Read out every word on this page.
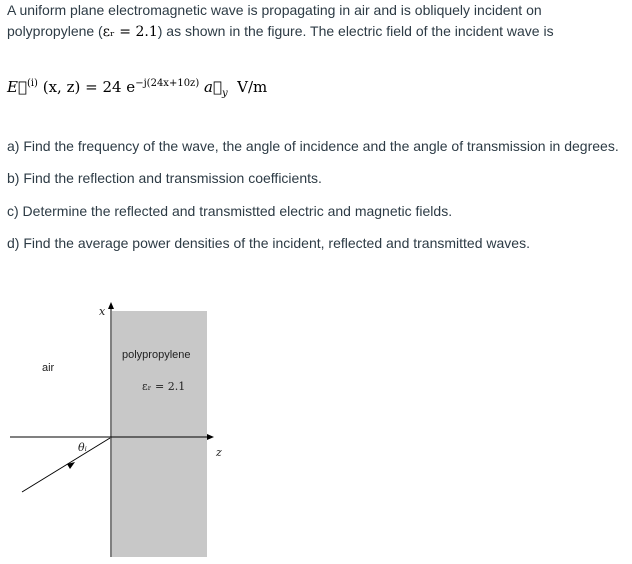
A uniform plane electromagnetic wave is propagating in air and is obliquely incident on polypropylene (εᵣ = 2.1) as shown in the figure. The electric field of the incident wave is

E⃗$^{(i)}$ (x, z) = 24 $e^{-j(24x+10z)}$ $a⃗_y$ V/m
a) Find the frequency of the wave, the angle of incidence and the angle of transmission in degrees.
b) Find the reflection and transmission coefficients.
c) Determine the reflected and transmistted electric and magnetic fields.
d) Find the average power densities of the incident, reflected and transmitted waves.
x
z
θᵢ
air
polypropylene
εᵣ = 2.1
